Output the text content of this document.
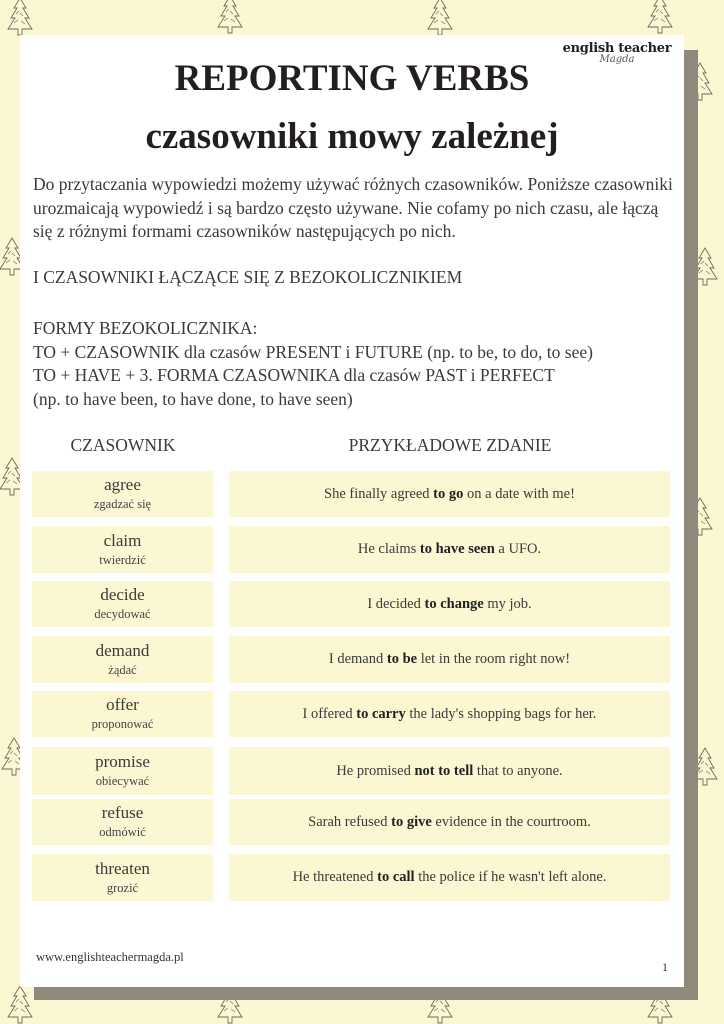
english teacher
Magda
REPORTING VERBS
czasowniki mowy zależnej

Do przytaczania wypowiedzi możemy używać różnych czasowników. Poniższe czasowniki urozmaicają wypowiedź i są bardzo często używane. Nie cofamy po nich czasu, ale łączą się z różnymi formami czasowników następujących po nich.

I CZASOWNIKI ŁĄCZĄCE SIĘ Z BEZOKOLICZNIKIEM

FORMY BEZOKOLICZNIKA:
TO + CZASOWNIK dla czasów PRESENT i FUTURE (np. to be, to do, to see)
TO + HAVE + 3. FORMA CZASOWNIKA dla czasów PAST i PERFECT
(np. to have been, to have done, to have seen)
CZASOWNIK	PRZYKŁADOWE ZDANIE
agree
zgadzać się
She finally agreed to go on a date with me!
claim
twierdzić
He claims to have seen a UFO.
decide
decydować
I decided to change my job.
demand
żądać
I demand to be let in the room right now!
offer
proponować
I offered to carry the lady's shopping bags for her.
promise
obiecywać
He promised not to tell that to anyone.
refuse
odmówić
Sarah refused to give evidence in the courtroom.
threaten
grozić
He threatened to call the police if he wasn't left alone.
www.englishteachermagda.pl
1
